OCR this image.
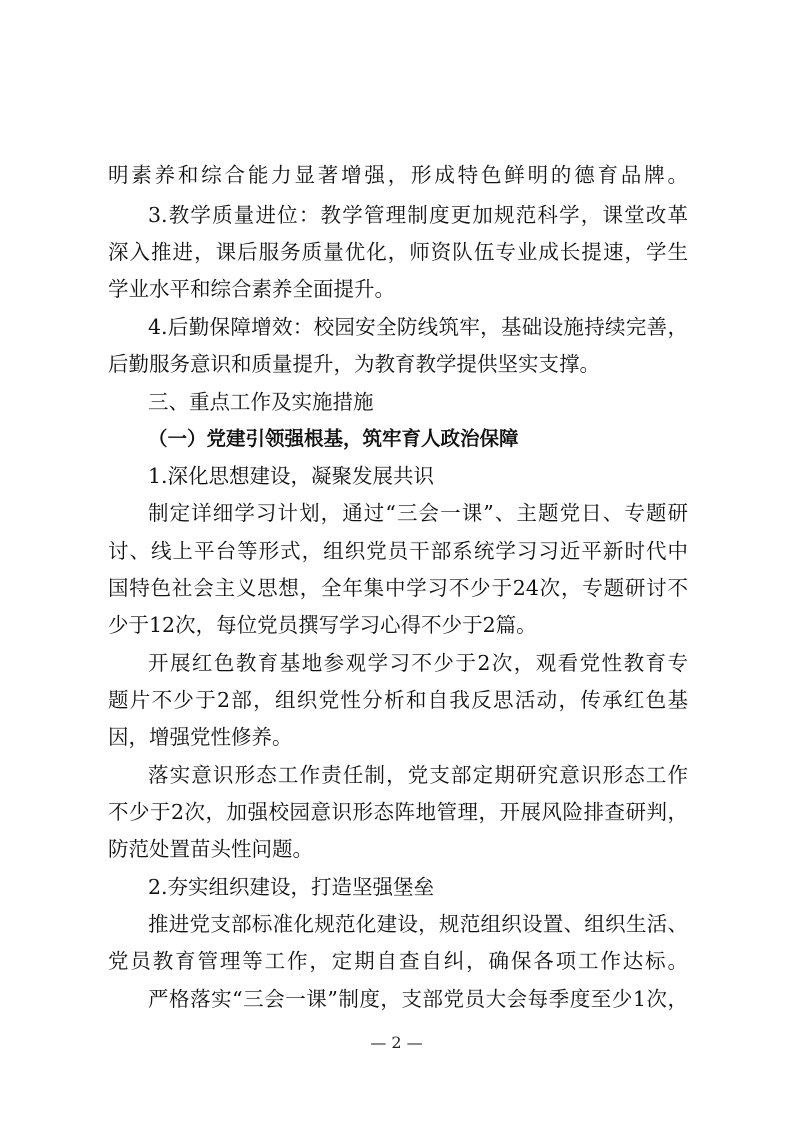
明素养和综合能力显著增强，形成特色鲜明的德育品牌。
3.教学质量进位：教学管理制度更加规范科学，课堂改革
深入推进，课后服务质量优化，师资队伍专业成长提速，学生
学业水平和综合素养全面提升。
4.后勤保障增效：校园安全防线筑牢，基础设施持续完善，
后勤服务意识和质量提升，为教育教学提供坚实支撑。
三、重点工作及实施措施
（一）党建引领强根基，筑牢育人政治保障
1.深化思想建设，凝聚发展共识
制定详细学习计划，通过“三会一课”、主题党日、专题研
讨、线上平台等形式，组织党员干部系统学习习近平新时代中
国特色社会主义思想，全年集中学习不少于24次，专题研讨不
少于12次，每位党员撰写学习心得不少于2篇。
开展红色教育基地参观学习不少于2次，观看党性教育专
题片不少于2部，组织党性分析和自我反思活动，传承红色基
因，增强党性修养。
落实意识形态工作责任制，党支部定期研究意识形态工作
不少于2次，加强校园意识形态阵地管理，开展风险排查研判，
防范处置苗头性问题。
2.夯实组织建设，打造坚强堡垒
推进党支部标准化规范化建设，规范组织设置、组织生活、
党员教育管理等工作，定期自查自纠，确保各项工作达标。
严格落实“三会一课”制度，支部党员大会每季度至少1次，
— 2 —
